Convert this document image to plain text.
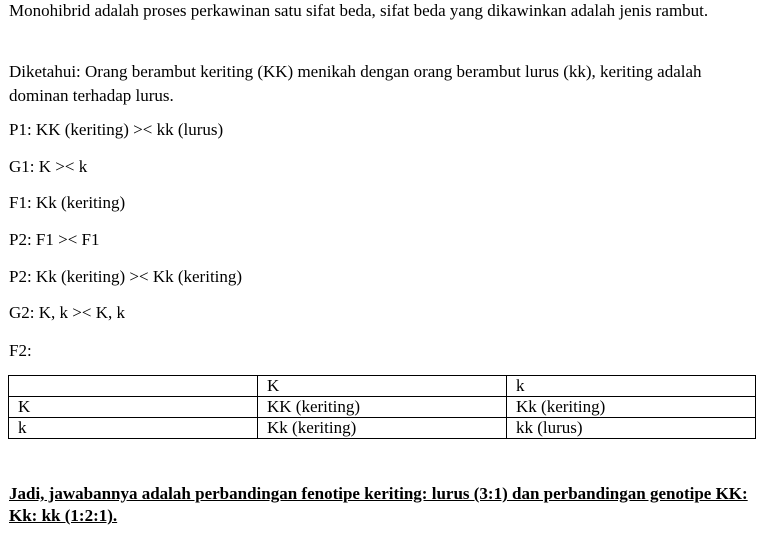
Monohibrid adalah proses perkawinan satu sifat beda, sifat beda yang dikawinkan adalah jenis rambut.

Diketahui: Orang berambut keriting (KK) menikah dengan orang berambut lurus (kk), keriting adalah dominan terhadap lurus.

P1: KK (keriting) >< kk (lurus)

G1: K >< k

F1: Kk (keriting)

P2: F1 >< F1

P2: Kk (keriting) >< Kk (keriting)

G2: K, k >< K, k

F2:

	K	k
K	KK (keriting)	Kk (keriting)
k	Kk (keriting)	kk (lurus)

Jadi, jawabannya adalah perbandingan fenotipe keriting: lurus (3:1) dan perbandingan genotipe KK: Kk: kk (1:2:1).
